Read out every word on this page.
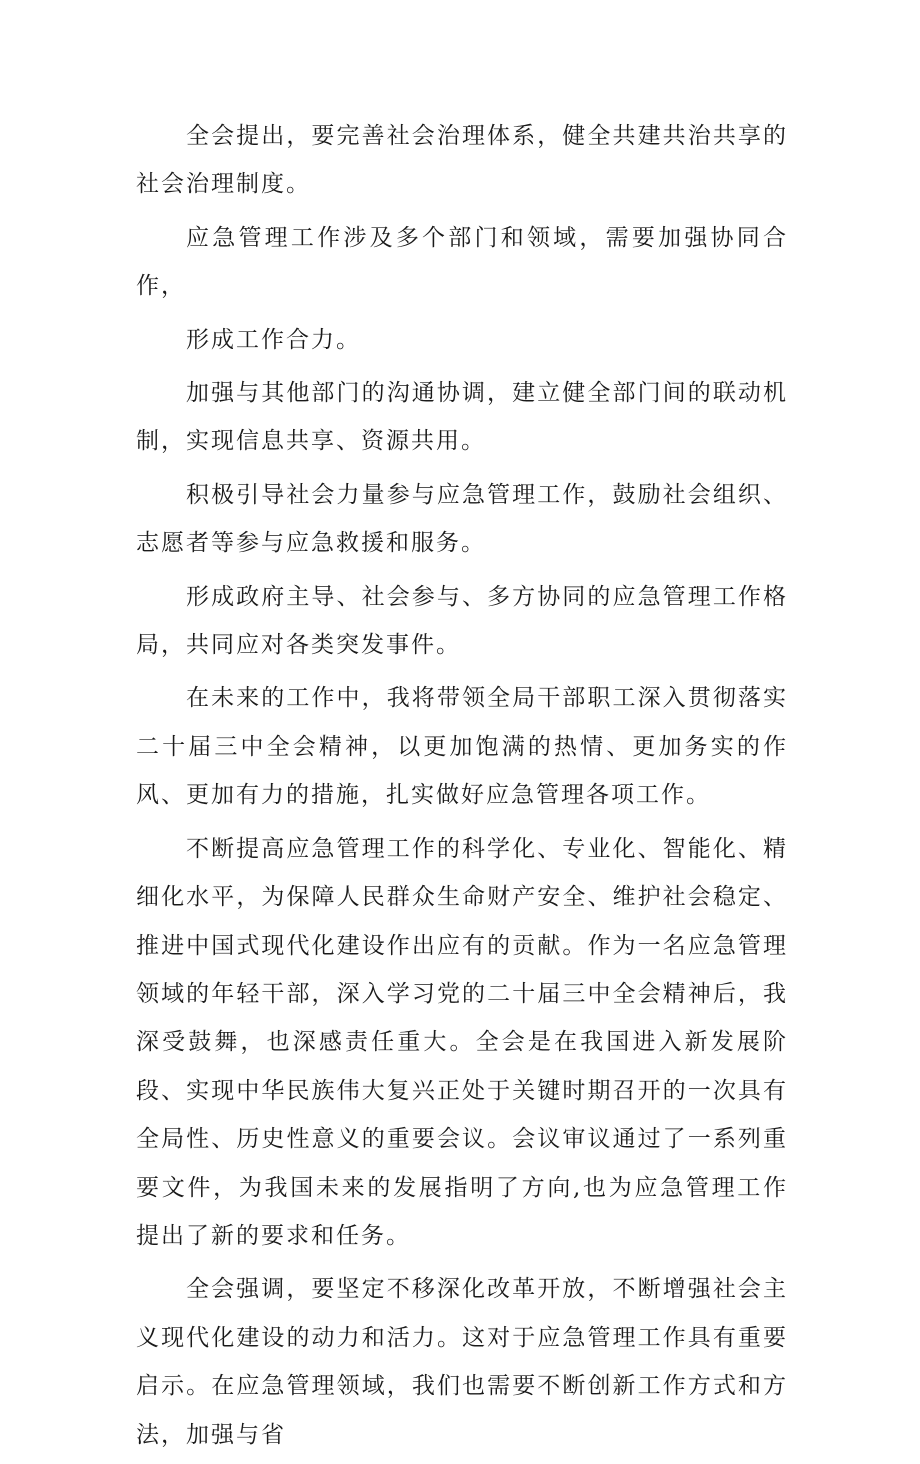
全会提出，要完善社会治理体系，健全共建共治共享的社会治理制度。

应急管理工作涉及多个部门和领域，需要加强协同合作，

形成工作合力。

加强与其他部门的沟通协调，建立健全部门间的联动机制，实现信息共享、资源共用。

积极引导社会力量参与应急管理工作，鼓励社会组织、志愿者等参与应急救援和服务。

形成政府主导、社会参与、多方协同的应急管理工作格局，共同应对各类突发事件。

在未来的工作中，我将带领全局干部职工深入贯彻落实二十届三中全会精神，以更加饱满的热情、更加务实的作风、更加有力的措施，扎实做好应急管理各项工作。

不断提高应急管理工作的科学化、专业化、智能化、精细化水平，为保障人民群众生命财产安全、维护社会稳定、推进中国式现代化建设作出应有的贡献。作为一名应急管理领域的年轻干部，深入学习党的二十届三中全会精神后，我深受鼓舞，也深感责任重大。全会是在我国进入新发展阶段、实现中华民族伟大复兴正处于关键时期召开的一次具有全局性、历史性意义的重要会议。会议审议通过了一系列重要文件，为我国未来的发展指明了方向,也为应急管理工作提出了新的要求和任务。

全会强调，要坚定不移深化改革开放，不断增强社会主义现代化建设的动力和活力。这对于应急管理工作具有重要启示。在应急管理领域，我们也需要不断创新工作方式和方法，加强与省
